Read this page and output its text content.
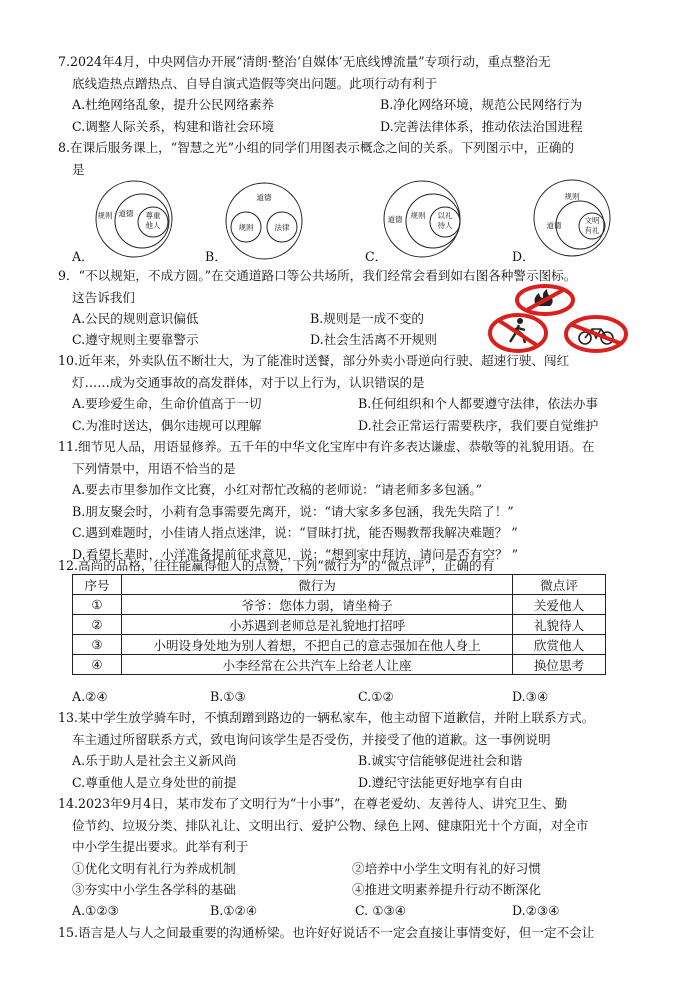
7.2024年4月，中央网信办开展“清朗·整治‘自媒体’无底线博流量”专项行动，重点整治无
底线造热点蹭热点、自导自演式造假等突出问题。此项行动有利于
A.杜绝网络乱象，提升公民网络素养	B.净化网络环境，规范公民网络行为
C.调整人际关系，构建和谐社会环境	D.完善法律体系，推动依法治国进程
8.在课后服务课上，“智慧之光”小组的同学们用图表示概念之间的关系。下列图示中，正确的
是
规则 道德 尊重
他人
道德
规则	法律
道德 规则 以礼
待人
规则
道德
文明
有礼
A．	B．	C．	D．
9．“不以规矩，不成方圆。”在交通道路口等公共场所，我们经常会看到如右图各种警示图标。
这告诉我们
A.公民的规则意识偏低	B.规则是一成不变的
C.遵守规则主要靠警示	D.社会生活离不开规则
10.近年来，外卖队伍不断壮大，为了能准时送餐，部分外卖小哥逆向行驶、超速行驶、闯红
灯……成为交通事故的高发群体，对于以上行为，认识错误的是
A.要珍爱生命，生命价值高于一切	B.任何组织和个人都要遵守法律，依法办事
C.为准时送达，偶尔违规可以理解	D.社会正常运行需要秩序，我们要自觉维护
11.细节见人品，用语显修养。五千年的中华文化宝库中有许多表达谦虚、恭敬等的礼貌用语。在
下列情景中，用语不恰当的是
A.要去市里参加作文比赛，小红对帮忙改稿的老师说：“请老师多多包涵。”
B.朋友聚会时，小莉有急事需要先离开，说：“请大家多多包涵，我先失陪了！”
C.遇到难题时，小佳请人指点迷津，说：“冒昧打扰，能否赐教帮我解决难题？ ”
D.看望长辈时，小洋准备提前征求意见，说：“想到家中拜访，请问是否有空？ ”
12.高尚的品格，往往能赢得他人的点赞，下列“微行为”的“微点评”，正确的有
序号	微行为	微点评
①	爷爷：您体力弱，请坐椅子	关爱他人
②	小苏遇到老师总是礼貌地打招呼	礼貌待人
③	小明设身处地为别人着想，不把自己的意志强加在他人身上	欣赏他人
④	小李经常在公共汽车上给老人让座	换位思考
A.②④	B.①③	C.①②	D.③④
13.某中学生放学骑车时，不慎刮蹭到路边的一辆私家车，他主动留下道歉信，并附上联系方式。
车主通过所留联系方式，致电询问该学生是否受伤，并接受了他的道歉。这一事例说明
A.乐于助人是社会主义新风尚	B.诚实守信能够促进社会和谐
C.尊重他人是立身处世的前提	D.遵纪守法能更好地享有自由
14.2023年9月4日，某市发布了文明行为“十小事”，在尊老爱幼、友善待人、讲究卫生、勤
俭节约、垃圾分类、排队礼让、文明出行、爱护公物、绿色上网、健康阳光十个方面，对全市
中小学生提出要求。此举有利于
①优化文明有礼行为养成机制	②培养中小学生文明有礼的好习惯
③夯实中小学生各学科的基础	④推进文明素养提升行动不断深化
A.①②③	B.①②④	C. ①③④	D.②③④
15.语言是人与人之间最重要的沟通桥梁。也许好好说话不一定会直接让事情变好，但一定不会让
